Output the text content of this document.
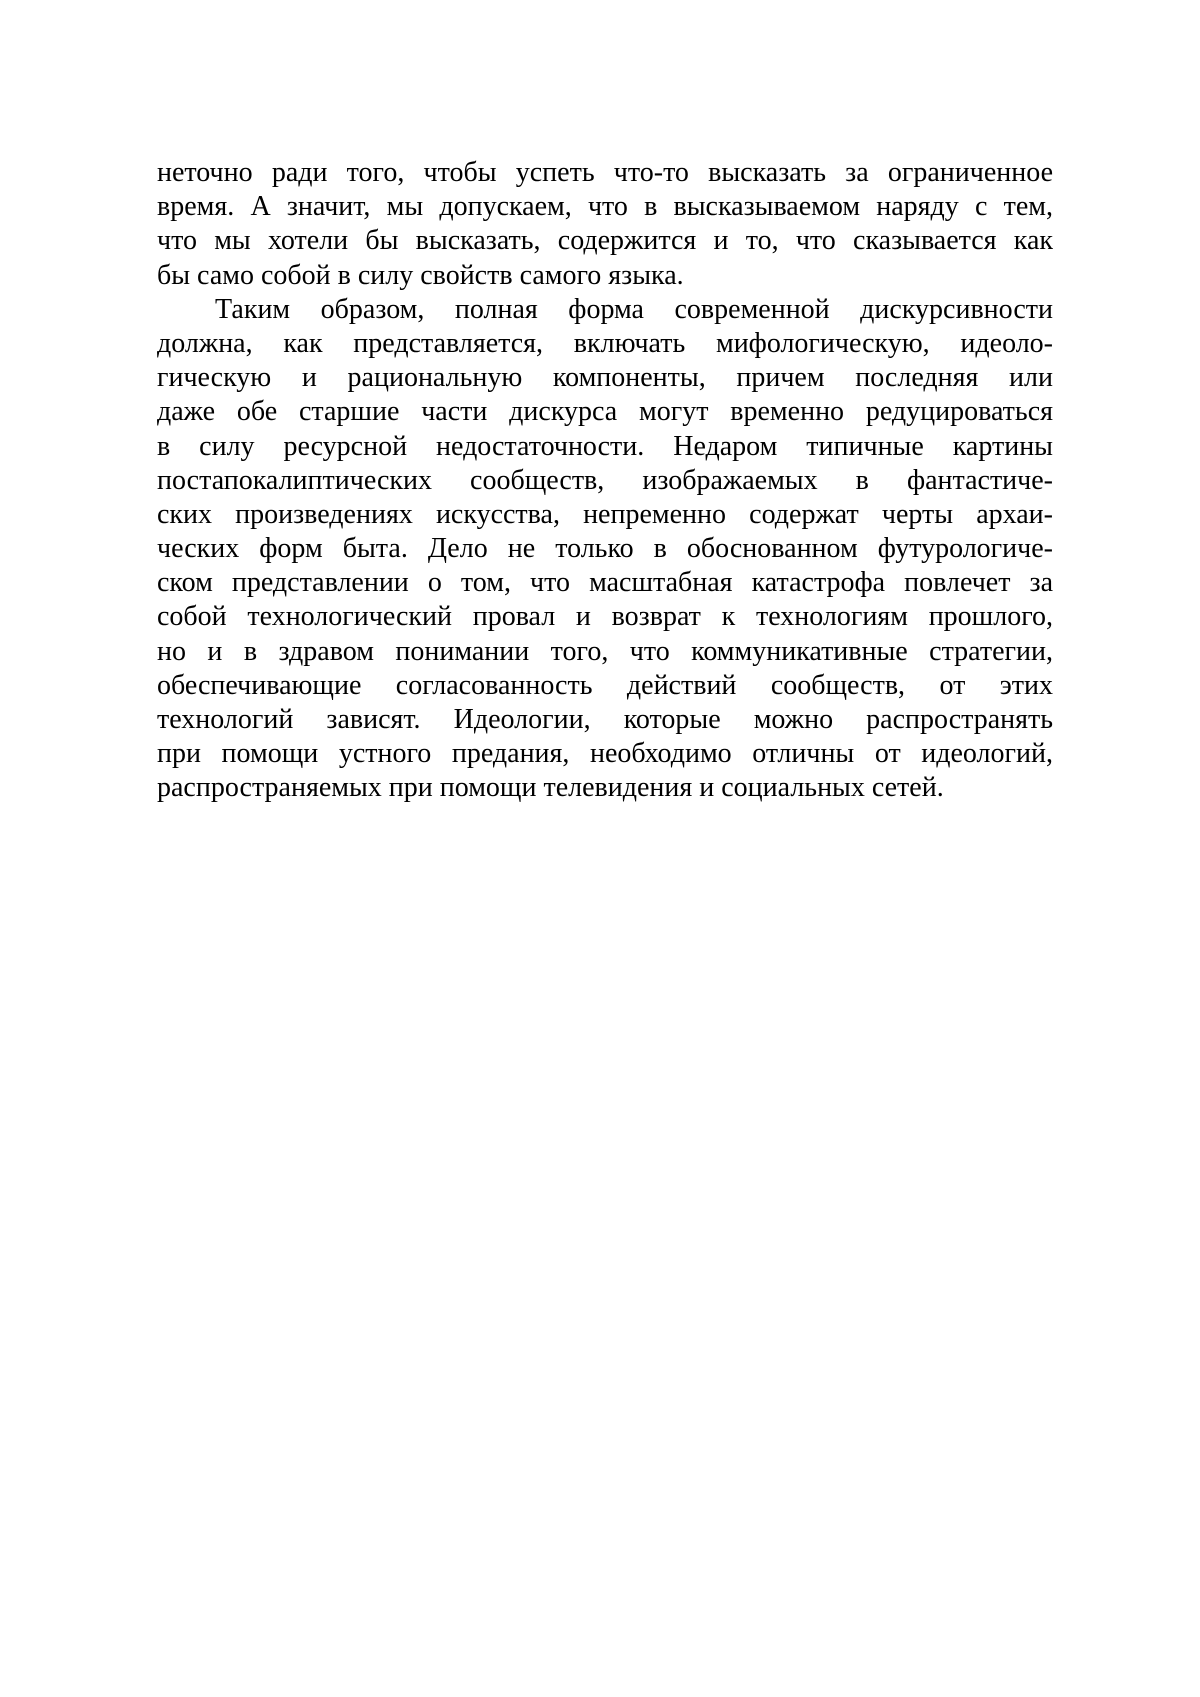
неточно ради того, чтобы успеть что-то высказать за ограниченное
время. А значит, мы допускаем, что в высказываемом наряду с тем,
что мы хотели бы высказать, содержится и то, что сказывается как
бы само собой в силу свойств самого языка.
Таким образом, полная форма современной дискурсивности
должна, как представляется, включать мифологическую, идеоло-
гическую и рациональную компоненты, причем последняя или
даже обе старшие части дискурса могут временно редуцироваться
в силу ресурсной недостаточности. Недаром типичные картины
постапокалиптических сообществ, изображаемых в фантастиче-
ских произведениях искусства, непременно содержат черты архаи-
ческих форм быта. Дело не только в обоснованном футурологиче-
ском представлении о том, что масштабная катастрофа повлечет за
собой технологический провал и возврат к технологиям прошлого,
но и в здравом понимании того, что коммуникативные стратегии,
обеспечивающие согласованность действий сообществ, от этих
технологий зависят. Идеологии, которые можно распространять
при помощи устного предания, необходимо отличны от идеологий,
распространяемых при помощи телевидения и социальных сетей.
